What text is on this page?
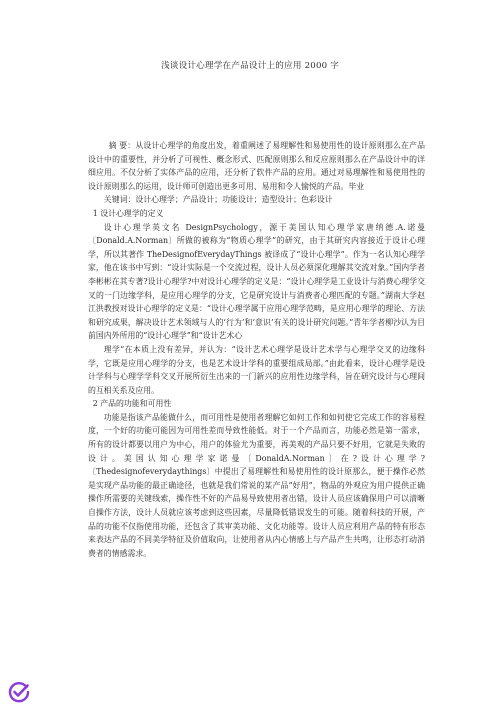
浅谈设计心理学在产品设计上的应用 2000 字

摘 要：从设计心理学的角度出发，着重阐述了易理解性和易使用性的设计原则那么在产品设计中的重要性，并分析了可视性、概念形式、匹配原则那么和反应原则那么在产品设计中的详细应用。不仅分析了实体产品的应用，还分析了软件产品的应用。通过对易理解性和易使用性的设计原则那么的运用，设计师可创造出更多可用、易用和令人愉悦的产品。毕业

关键词：设计心理学；产品设计；功能设计；造型设计；色彩设计

1 设计心理学的定义

设计心理学英文名 DesignPsychology，源于美国认知心理学家唐纳德.A.诺曼〔Donald.A.Norman〕所做的被称为“物质心理学”的研究，由于其研究内容接近于设计心理学，所以其著作 TheDesignofEverydayThings 被译成了“设计心理学”。作为一名认知心理学家，他在该书中写到：“设计实际是一个交流过程，设计人员必须深化理解其交流对象。”国内学者李彬彬在其专著?设计心理学?中对设计心理学的定义是：“设计心理学是工业设计与消费心理学交叉的一门边缘学科，是应用心理学的分支，它是研究设计与消费者心理匹配的专题。”湖南大学赵江洪教授对设计心理学的定义是：“设计心理学属于应用心理学范畴，是应用心理学的理论、方法和研究成果，解决设计艺术领域与人的‘行为’和‘意识’有关的设计研究问题。”青年学者柳沙认为目前国内外所用的“设计心理学”和“设计艺术心

理学”在本质上没有差异，并认为：“设计艺术心理学是设计艺术学与心理学交叉的边缘科学，它既是应用心理学的分支，也是艺术设计学科的重要组成局部。”由此看来，设计心理学是设计学科与心理学学科交叉开展所衍生出来的一门新兴的应用性边缘学科，旨在研究设计与心理间的互相关系及应用。

2 产品的功能和可用性

功能是指该产品能做什么，而可用性是使用者理解它如何工作和如何使它完成工作的容易程度，一个好的功能可能因为可用性差而导致性能低。对于一个产品而言，功能必然是第一需求，所有的设计都要以用户为中心，用户的体验尤为重要，再美观的产品只要不好用，它就是失败的设计。美国认知心理学家诺曼〔DonaldA.Norman〕在?设计心理学?〔Thedesignofeverydaythings〕中提出了易理解性和易使用性的设计原那么，便于操作必然是实现产品功能的最正确途径，也就是我们常说的某产品“好用”，物品的外观应为用户提供正确操作所需要的关键线索，操作性不好的产品易导致使用者出错，设计人员应该确保用户可以清晰自操作方法，设计人员就应该考虑到这些因素，尽量降低错误发生的可能。随着科技的开展，产品的功能不仅指使用功能，还包含了其审美功能、文化功能等。设计人员应利用产品的特有形态来表达产品的不同美学特征及价值取向，让使用者从内心情感上与产品产生共鸣，让形态打动消费者的情感需求。
